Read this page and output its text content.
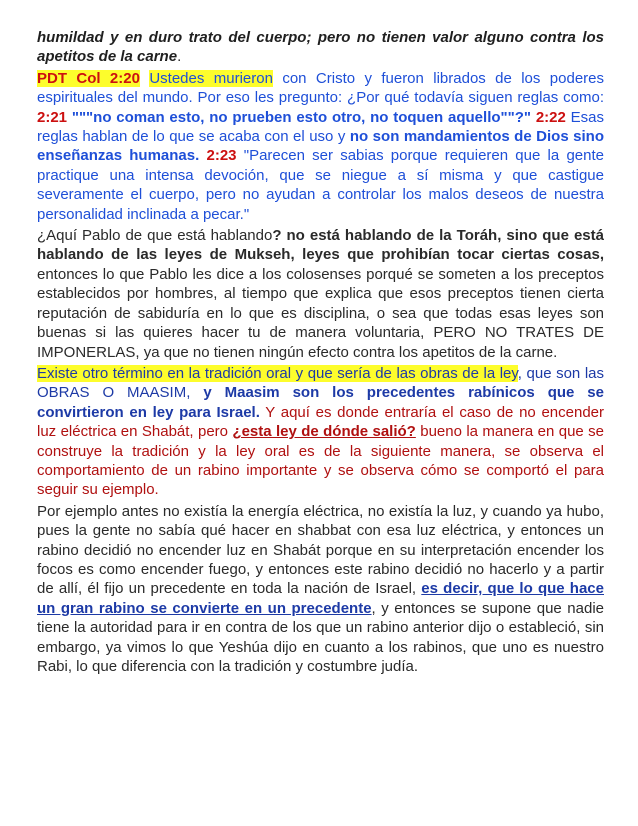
humildad y en duro trato del cuerpo; pero no tienen valor alguno contra los apetitos de la carne.

PDT Col 2:20 Ustedes murieron con Cristo y fueron librados de los poderes espirituales del mundo. Por eso les pregunto: ¿Por qué todavía siguen reglas como: 2:21 """no coman esto, no prueben esto otro, no toquen aquello""?" 2:22 Esas reglas hablan de lo que se acaba con el uso y no son mandamientos de Dios sino enseñanzas humanas. 2:23 "Parecen ser sabias porque requieren que la gente practique una intensa devoción, que se niegue a sí misma y que castigue severamente el cuerpo, pero no ayudan a controlar los malos deseos de nuestra personalidad inclinada a pecar."

¿Aquí Pablo de que está hablando? no está hablando de la Toráh, sino que está hablando de las leyes de Mukseh, leyes que prohibían tocar ciertas cosas, entonces lo que Pablo les dice a los colosenses porqué se someten a los preceptos establecidos por hombres, al tiempo que explica que esos preceptos tienen cierta reputación de sabiduría en lo que es disciplina, o sea que todas esas leyes son buenas si las quieres hacer tu de manera voluntaria, PERO NO TRATES DE IMPONERLAS, ya que no tienen ningún efecto contra los apetitos de la carne.

Existe otro término en la tradición oral y que sería de las obras de la ley, que son las OBRAS O MAASIM, y Maasim son los precedentes rabínicos que se convirtieron en ley para Israel. Y aquí es donde entraría el caso de no encender luz eléctrica en Shabát, pero ¿esta ley de dónde salió? bueno la manera en que se construye la tradición y la ley oral es de la siguiente manera, se observa el comportamiento de un rabino importante y se observa cómo se comportó el para seguir su ejemplo.

Por ejemplo antes no existía la energía eléctrica, no existía la luz, y cuando ya hubo, pues la gente no sabía qué hacer en shabbat con esa luz eléctrica, y entonces un rabino decidió no encender luz en Shabát porque en su interpretación encender los focos es como encender fuego, y entonces este rabino decidió no hacerlo y a partir de allí, él fijo un precedente en toda la nación de Israel, es decir, que lo que hace un gran rabino se convierte en un precedente, y entonces se supone que nadie tiene la autoridad para ir en contra de los que un rabino anterior dijo o estableció, sin embargo, ya vimos lo que Yeshúa dijo en cuanto a los rabinos, que uno es nuestro Rabi, lo que diferencia con la tradición y costumbre judía.
